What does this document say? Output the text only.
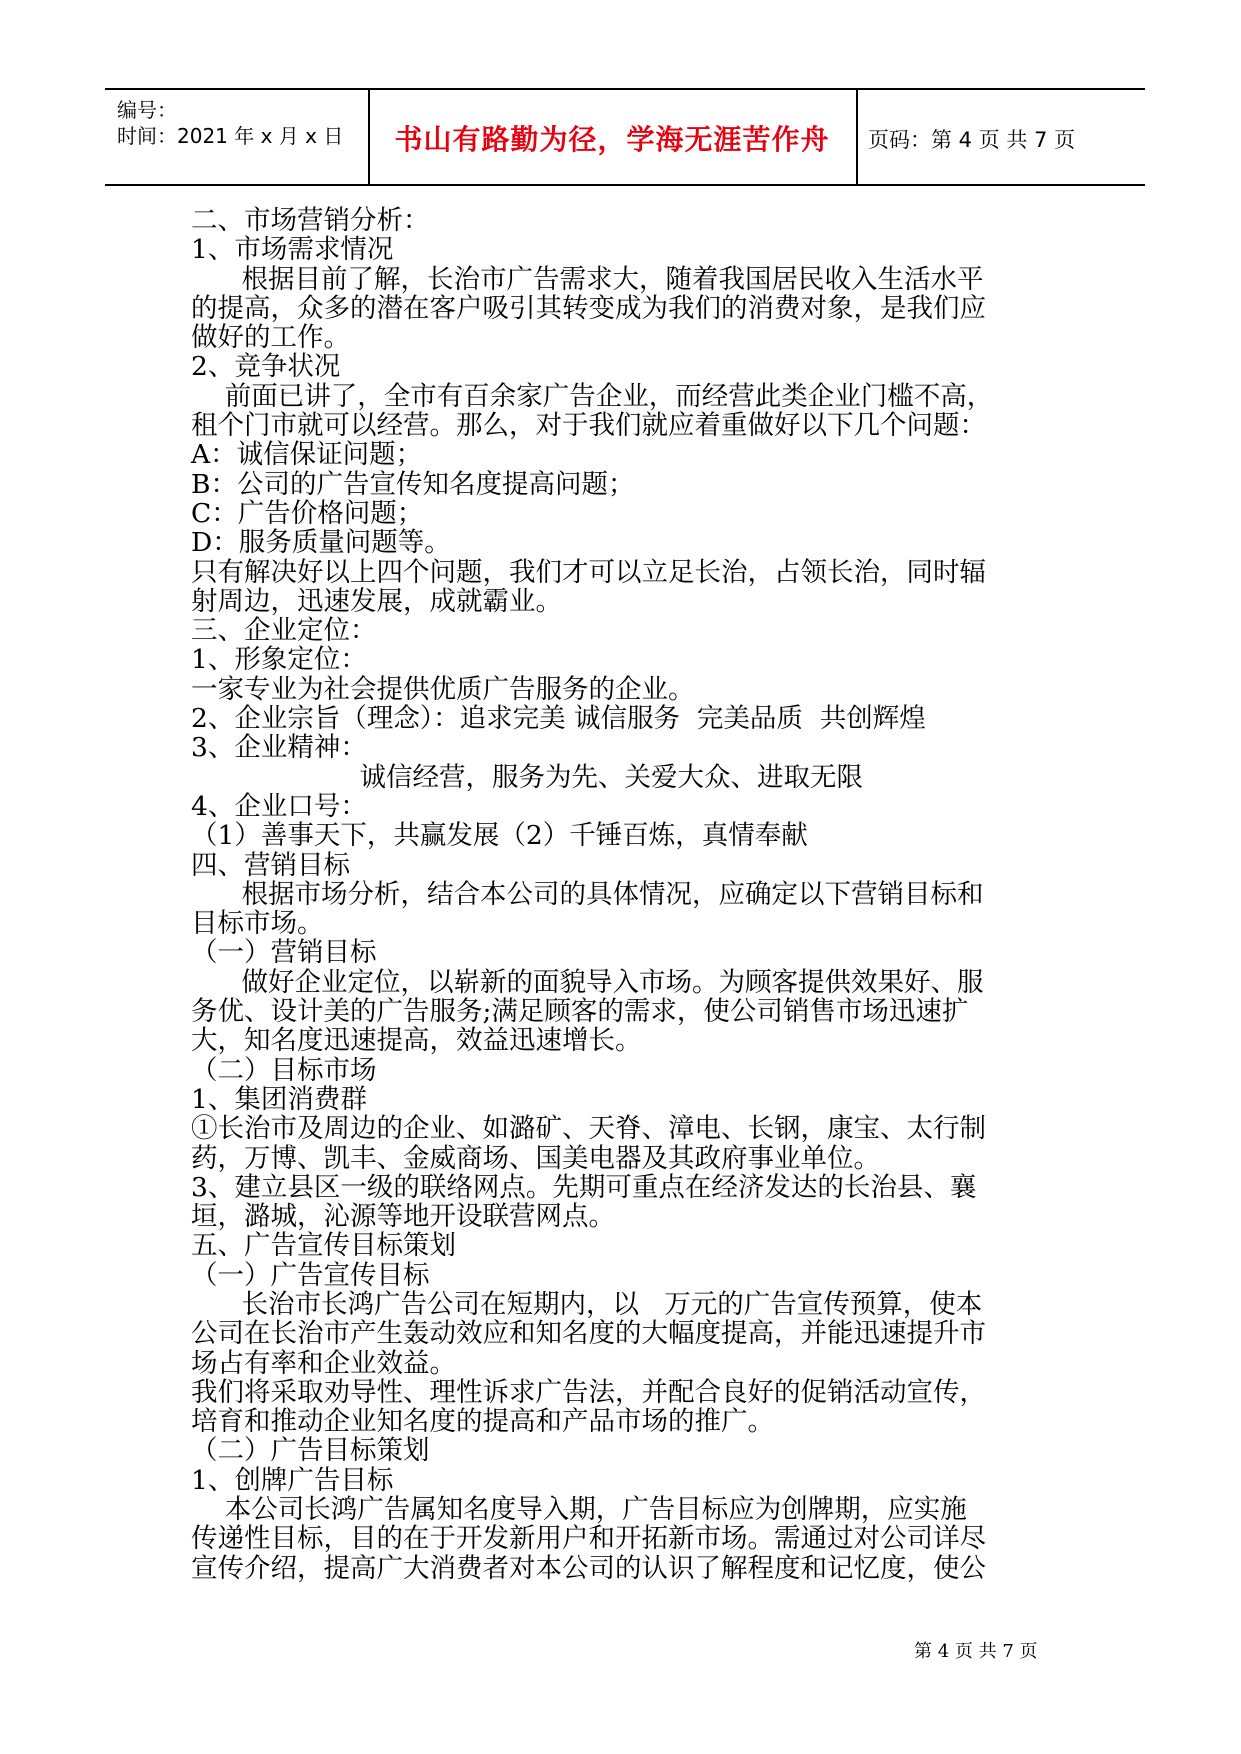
编号：
时间：2021 年 x 月 x 日	书山有路勤为径，学海无涯苦作舟	页码：第 4 页 共 7 页
二、市场营销分析：
1、市场需求情况
根据目前了解，长治市广告需求大，随着我国居民收入生活水平
的提高，众多的潜在客户吸引其转变成为我们的消费对象，是我们应
做好的工作。
2、竞争状况
前面已讲了，全市有百余家广告企业，而经营此类企业门槛不高，
租个门市就可以经营。那么，对于我们就应着重做好以下几个问题：
A：诚信保证问题；
B：公司的广告宣传知名度提高问题；
C：广告价格问题；
D：服务质量问题等。
只有解决好以上四个问题，我们才可以立足长治，占领长治，同时辐
射周边，迅速发展，成就霸业。
三、企业定位：
1、形象定位：
一家专业为社会提供优质广告服务的企业。
2、企业宗旨（理念）：追求完美 诚信服务  完美品质  共创辉煌
3、企业精神：
诚信经营，服务为先、关爱大众、进取无限
4、企业口号：
（1）善事天下，共赢发展（2）千锤百炼，真情奉献
四、营销目标
根据市场分析，结合本公司的具体情况，应确定以下营销目标和
目标市场。
（一）营销目标
做好企业定位，以崭新的面貌导入市场。为顾客提供效果好、服
务优、设计美的广告服务;满足顾客的需求，使公司销售市场迅速扩
大，知名度迅速提高，效益迅速增长。
（二）目标市场
1、集团消费群
①长治市及周边的企业、如潞矿、天脊、漳电、长钢，康宝、太行制
药，万博、凯丰、金威商场、国美电器及其政府事业单位。
3、建立县区一级的联络网点。先期可重点在经济发达的长治县、襄
垣，潞城，沁源等地开设联营网点。
五、广告宣传目标策划
（一）广告宣传目标
长治市长鸿广告公司在短期内，以   万元的广告宣传预算，使本
公司在长治市产生轰动效应和知名度的大幅度提高，并能迅速提升市
场占有率和企业效益。
我们将采取劝导性、理性诉求广告法，并配合良好的促销活动宣传，
培育和推动企业知名度的提高和产品市场的推广。
（二）广告目标策划
1、创牌广告目标
本公司长鸿广告属知名度导入期，广告目标应为创牌期，应实施
传递性目标，目的在于开发新用户和开拓新市场。需通过对公司详尽
宣传介绍，提高广大消费者对本公司的认识了解程度和记忆度，使公
第 4 页 共 7 页
